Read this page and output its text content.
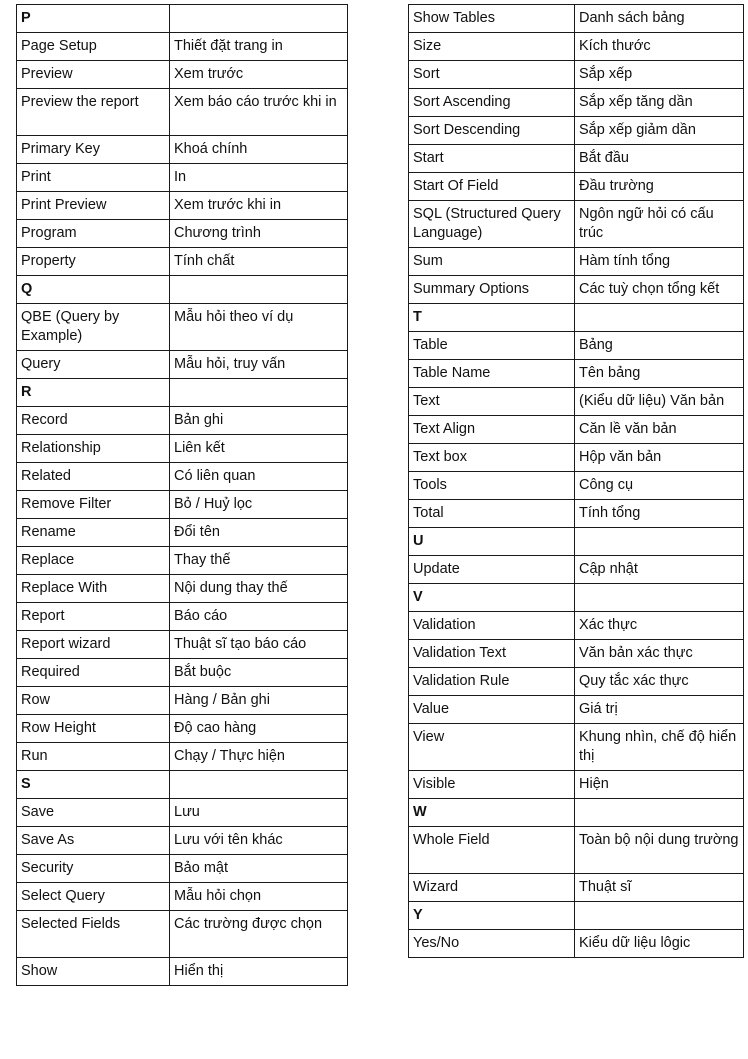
P	
Page Setup	Thiết đặt trang in
Preview	Xem trước
Preview the report	Xem báo cáo trước khi in
Primary Key	Khoá chính
Print	In
Print Preview	Xem trước khi in
Program	Chương trình
Property	Tính chất
Q	
QBE (Query by Example)	Mẫu hỏi theo ví dụ
Query	Mẫu hỏi, truy vấn
R	
Record	Bản ghi
Relationship	Liên kết
Related	Có liên quan
Remove Filter	Bỏ / Huỷ lọc
Rename	Đổi tên
Replace	Thay thế
Replace With	Nội dung thay thế
Report	Báo cáo
Report wizard	Thuật sĩ tạo báo cáo
Required	Bắt buộc
Row	Hàng / Bản ghi
Row Height	Độ cao hàng
Run	Chạy / Thực hiện
S	
Save	Lưu
Save As	Lưu với tên khác
Security	Bảo mật
Select Query	Mẫu hỏi chọn
Selected Fields	Các trường được chọn
Show	Hiển thị
Show Tables	Danh sách bảng
Size	Kích thước
Sort	Sắp xếp
Sort Ascending	Sắp xếp tăng dần
Sort Descending	Sắp xếp giảm dần
Start	Bắt đầu
Start Of Field	Đầu trường
SQL (Structured Query Language)	Ngôn ngữ hỏi có cấu trúc
Sum	Hàm tính tổng
Summary Options	Các tuỳ chọn tổng kết
T	
Table	Bảng
Table Name	Tên bảng
Text	(Kiểu dữ liệu) Văn bản
Text Align	Căn lề văn bản
Text box	Hộp văn bản
Tools	Công cụ
Total	Tính tổng
U	
Update	Cập nhật
V	
Validation	Xác thực
Validation Text	Văn bản xác thực
Validation Rule	Quy tắc xác thực
Value	Giá trị
View	Khung nhìn, chế độ hiển thị
Visible	Hiện
W	
Whole Field	Toàn bộ nội dung trường
Wizard	Thuật sĩ
Y	
Yes/No	Kiểu dữ liệu lôgic
